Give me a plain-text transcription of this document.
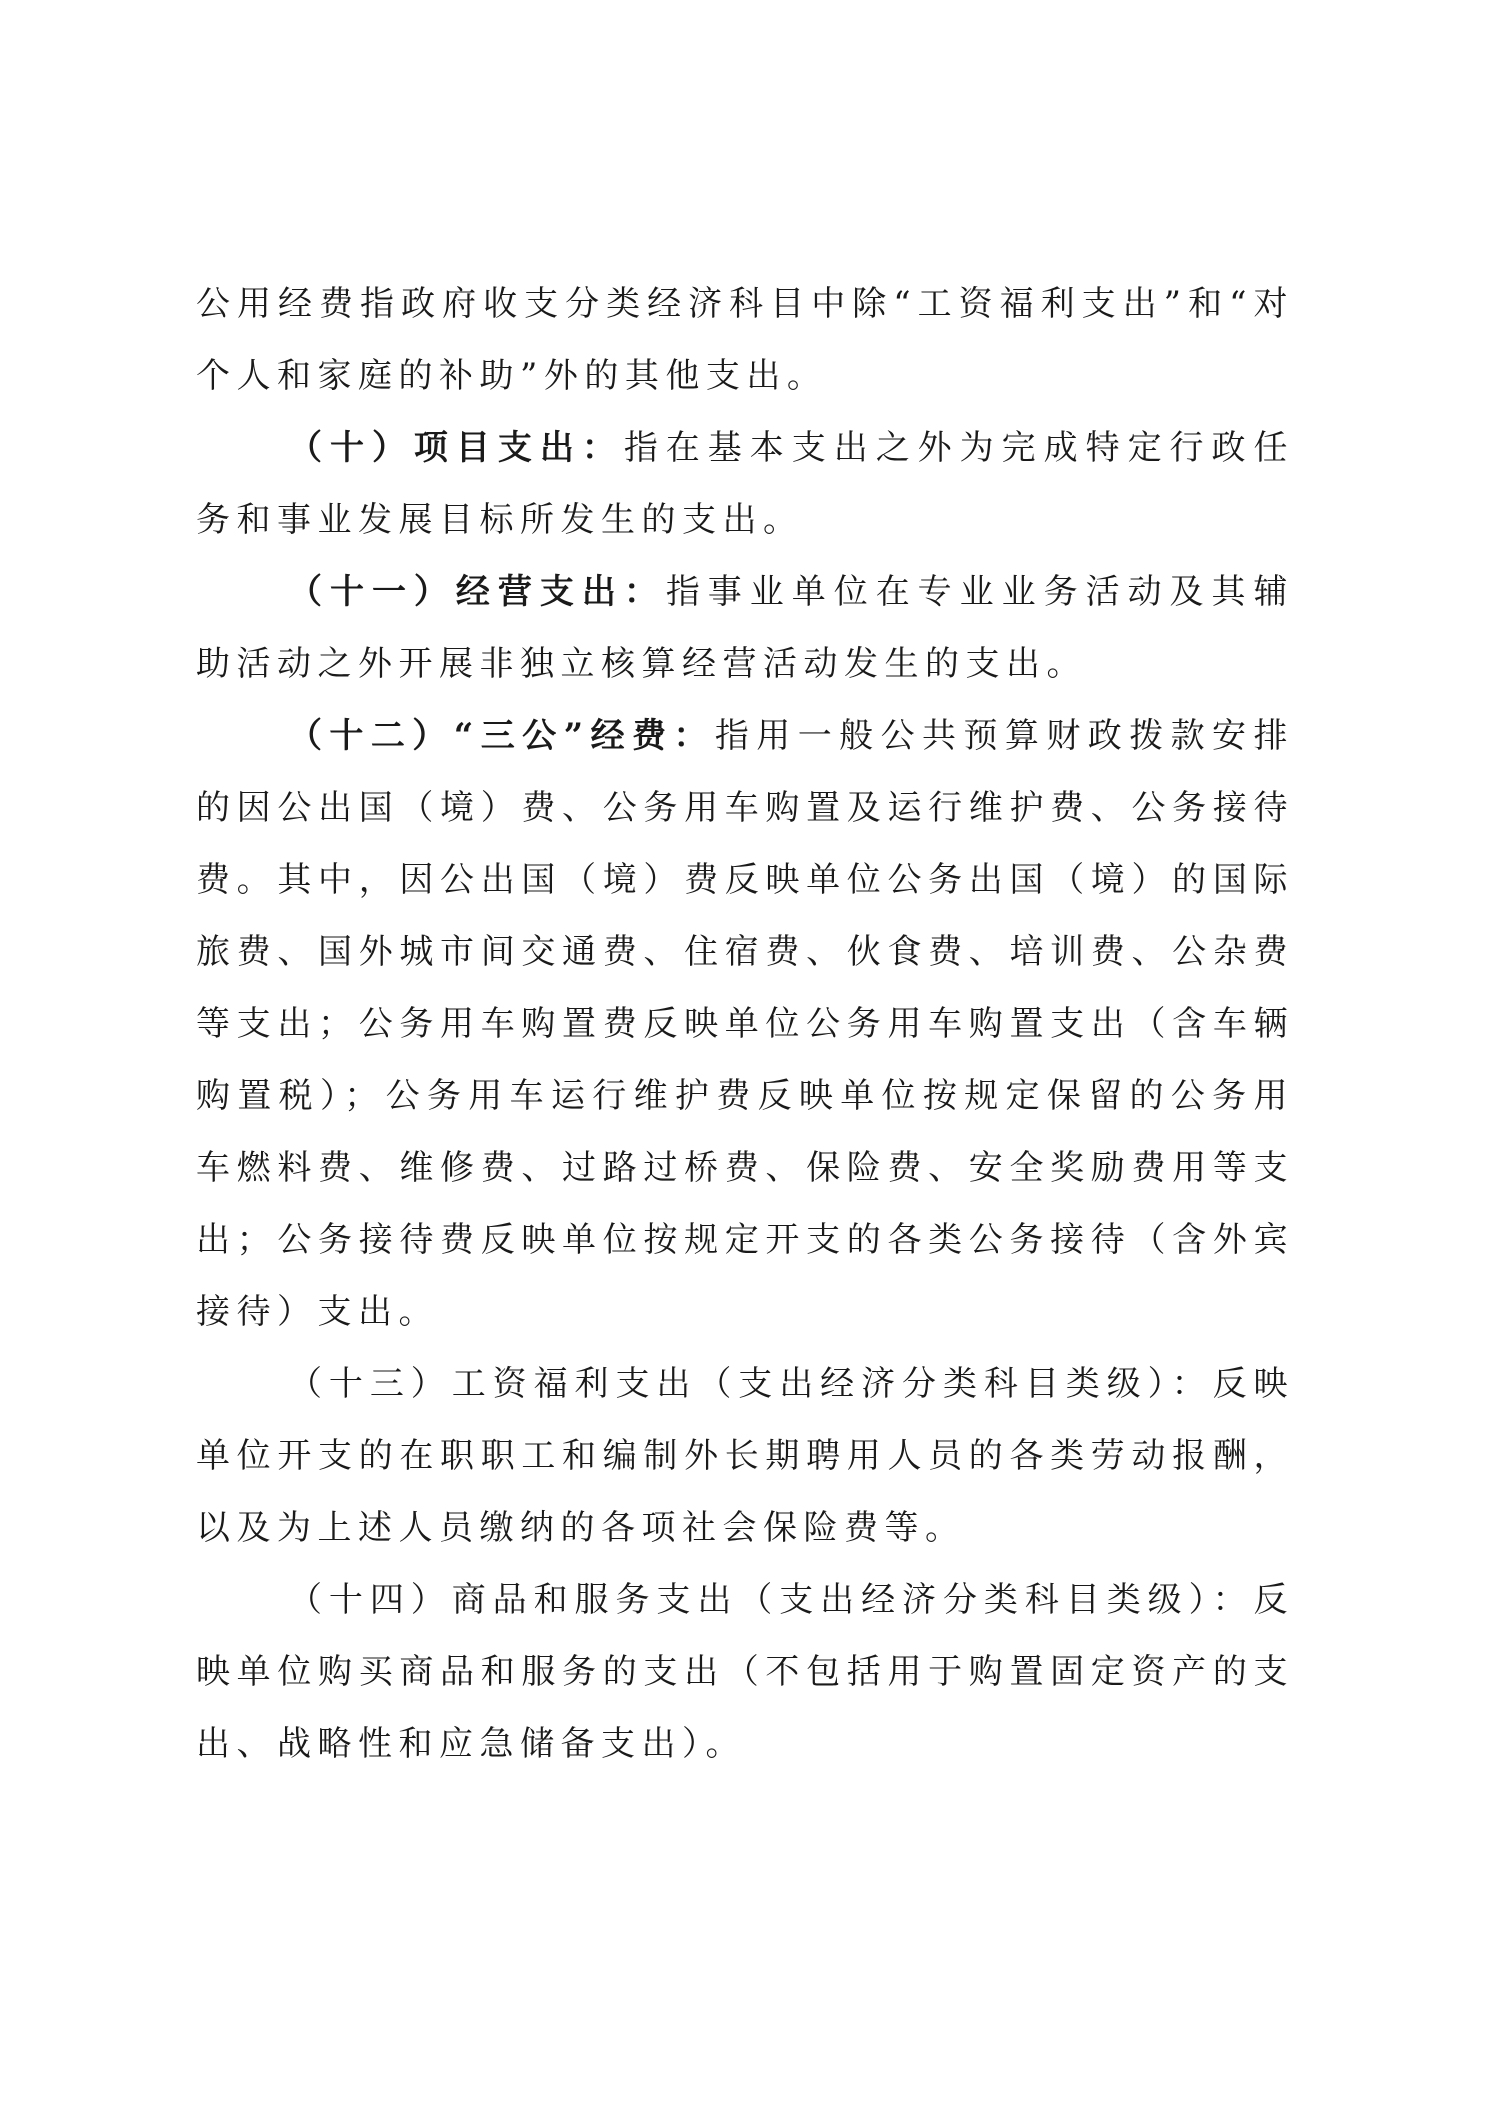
公用经费指政府收支分类经济科目中除“工资福利支出”和“对个人和家庭的补助”外的其他支出。

（十）项目支出：指在基本支出之外为完成特定行政任务和事业发展目标所发生的支出。

（十一）经营支出：指事业单位在专业业务活动及其辅助活动之外开展非独立核算经营活动发生的支出。

（十二）“三公”经费：指用一般公共预算财政拨款安排的因公出国（境）费、公务用车购置及运行维护费、公务接待费。其中，因公出国（境）费反映单位公务出国（境）的国际旅费、国外城市间交通费、住宿费、伙食费、培训费、公杂费等支出；公务用车购置费反映单位公务用车购置支出（含车辆购置税）；公务用车运行维护费反映单位按规定保留的公务用车燃料费、维修费、过路过桥费、保险费、安全奖励费用等支出；公务接待费反映单位按规定开支的各类公务接待（含外宾接待）支出。

（十三）工资福利支出（支出经济分类科目类级）：反映单位开支的在职职工和编制外长期聘用人员的各类劳动报酬，以及为上述人员缴纳的各项社会保险费等。

（十四）商品和服务支出（支出经济分类科目类级）：反映单位购买商品和服务的支出（不包括用于购置固定资产的支出、战略性和应急储备支出）。
